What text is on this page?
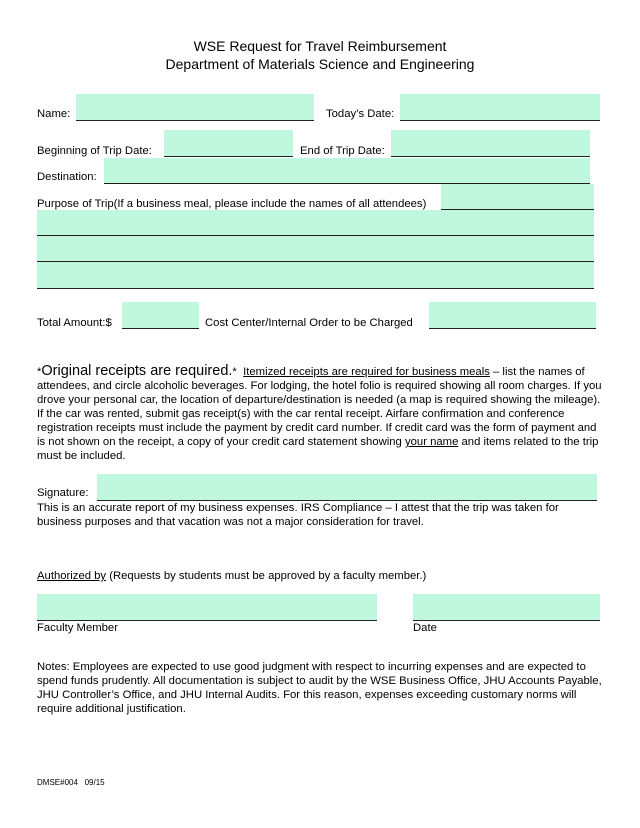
WSE Request for Travel Reimbursement
Department of Materials Science and Engineering
Name:	Today’s Date:
Beginning of Trip Date:	End of Trip Date:
Destination:
Purpose of Trip(If a business meal, please include the names of all attendees)
Total Amount:$	Cost Center/Internal Order to be Charged
*Original receipts are required.* Itemized receipts are required for business meals – list the names of attendees, and circle alcoholic beverages. For lodging, the hotel folio is required showing all room charges. If you drove your personal car, the location of departure/destination is needed (a map is required showing the mileage). If the car was rented, submit gas receipt(s) with the car rental receipt. Airfare confirmation and conference registration receipts must include the payment by credit card number. If credit card was the form of payment and is not shown on the receipt, a copy of your credit card statement showing your name and items related to the trip must be included.
Signature:
This is an accurate report of my business expenses. IRS Compliance – I attest that the trip was taken for business purposes and that vacation was not a major consideration for travel.
Authorized by (Requests by students must be approved by a faculty member.)
Faculty Member	Date
Notes: Employees are expected to use good judgment with respect to incurring expenses and are expected to spend funds prudently. All documentation is subject to audit by the WSE Business Office, JHU Accounts Payable, JHU Controller’s Office, and JHU Internal Audits. For this reason, expenses exceeding customary norms will require additional justification.
DMSE#004   09/15
